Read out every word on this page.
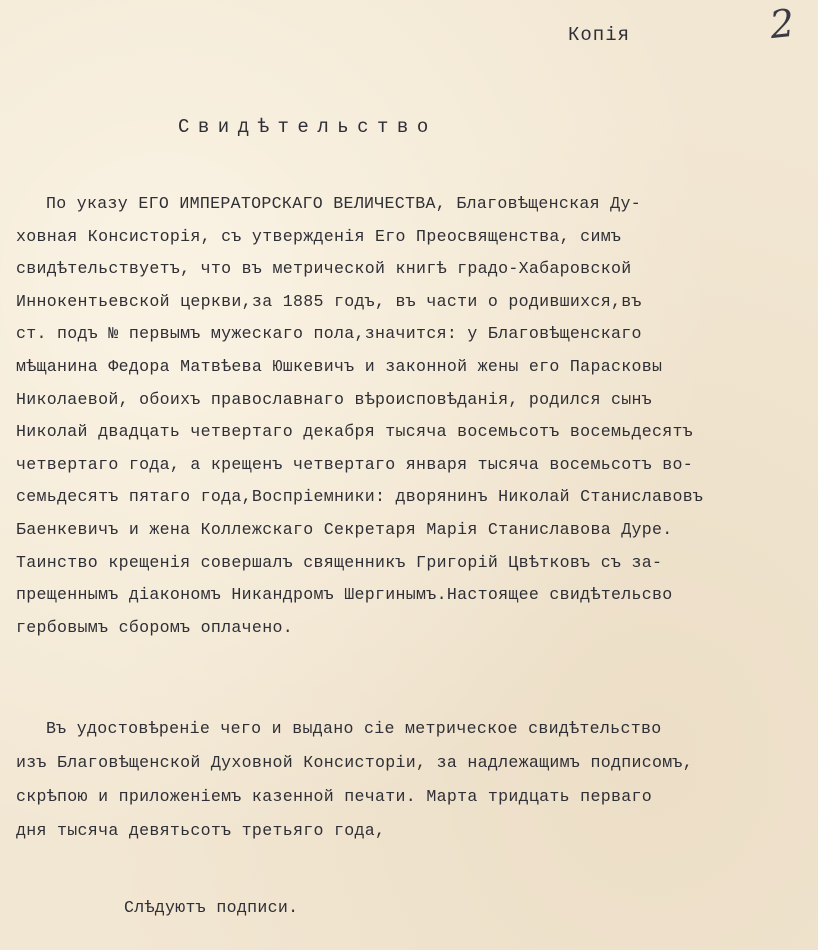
2
Копія
Свидѣтельство
По указу ЕГО ИМПЕРАТОРСКАГО ВЕЛИЧЕСТВА, Благовѣщенская Ду-
ховная Консисторія, съ утвержденія Его Преосвященства, симъ
свидѣтельствуетъ, что въ метрической книгѣ градо-Хабаровской
Иннокентьевской церкви,за 1885 годъ, въ части о родившихся,въ
ст. подъ № первымъ мужескаго пола,значится: у Благовѣщенскаго
мѣщанина Федора Матвѣева Юшкевичъ и законной жены его Парасковы
Николаевой, обоихъ православнаго вѣроисповѣданія, родился сынъ
Николай двадцать четвертаго декабря тысяча восемьсотъ восемьдесятъ
четвертаго года, а крещенъ четвертаго января тысяча восемьсотъ во-
семьдесятъ пятаго года,Воспріемники: дворянинъ Николай Станиславовъ
Баенкевичъ и жена Коллежскаго Секретаря Марія Станиславова Дуре.
Таинство крещенія совершалъ священникъ Григорій Цвѣтковъ съ за-
прещеннымъ діакономъ Никандромъ Шергинымъ.Настоящее свидѣтельсво
гербовымъ сборомъ оплачено.
Въ удостовѣреніе чего и выдано сіе метрическое свидѣтельство
изъ Благовѣщенской Духовной Консисторіи, за надлежащимъ подписомъ,
скрѣпою и приложеніемъ казенной печати. Марта тридцать перваго
дня тысяча девятьсотъ третьяго года,
Слѣдуютъ подписи.
